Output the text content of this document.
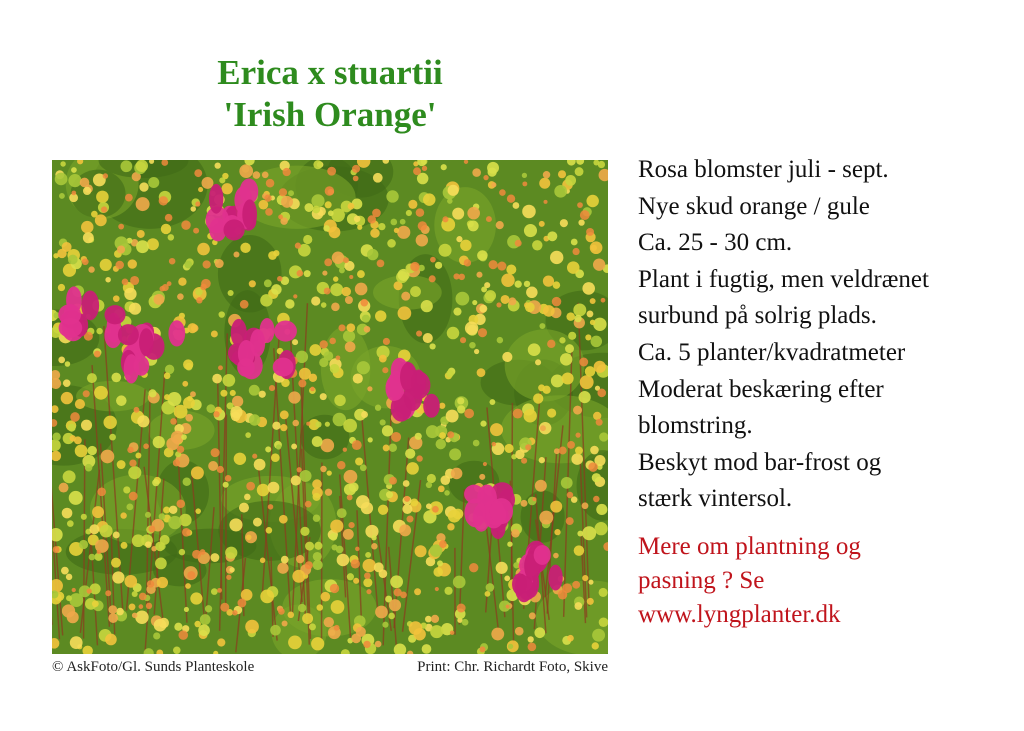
Erica x stuartii
'Irish Orange'
© AskFoto/Gl. Sunds Planteskole	Print: Chr. Richardt Foto, Skive
Rosa blomster juli - sept.
Nye skud orange / gule
Ca. 25 - 30 cm.
Plant i fugtig, men veldrænet
surbund på solrig plads.
Ca. 5 planter/kvadratmeter
Moderat beskæring efter
blomstring.
Beskyt mod bar-frost og
stærk vintersol.
Mere om plantning og
pasning ? Se
www.lyngplanter.dk
